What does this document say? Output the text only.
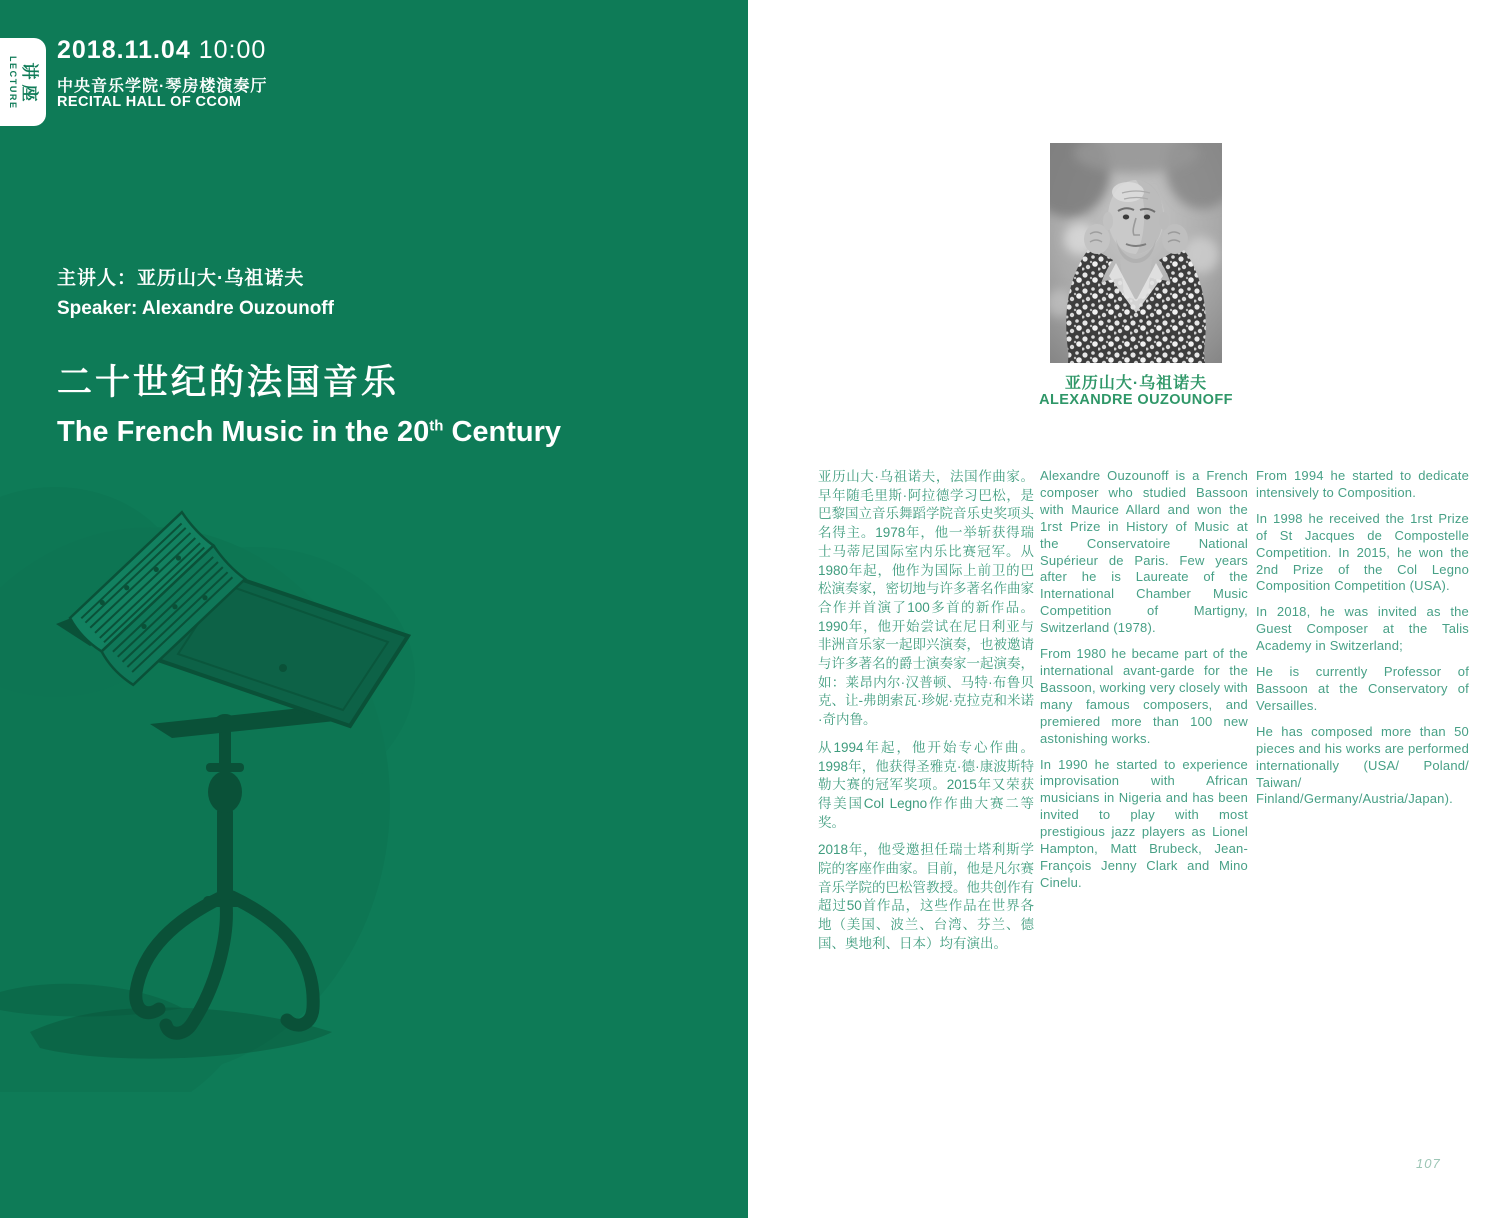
讲座
LECTURE
2018.11.04 10:00
中央音乐学院·琴房楼演奏厅
RECITAL HALL OF CCOM
主讲人：亚历山大·乌祖诺夫
Speaker: Alexandre Ouzounoff
二十世纪的法国音乐
The French Music in the 20th Century
亚历山大·乌祖诺夫
ALEXANDRE OUZOUNOFF

亚历山大·乌祖诺夫，法国作曲家。早年随毛里斯·阿拉德学习巴松，是巴黎国立音乐舞蹈学院音乐史奖项头名得主。1978年，他一举斩获得瑞士马蒂尼国际室内乐比赛冠军。从1980年起，他作为国际上前卫的巴松演奏家，密切地与许多著名作曲家合作并首演了100多首的新作品。1990年，他开始尝试在尼日利亚与非洲音乐家一起即兴演奏，也被邀请与许多著名的爵士演奏家一起演奏，如：莱昂内尔·汉普顿、马特·布鲁贝克、让-弗朗索瓦·珍妮·克拉克和米诺·奇内鲁。

从1994年起，他开始专心作曲。1998年，他获得圣雅克·德·康波斯特勒大赛的冠军奖项。2015年又荣获得美国Col Legno作作曲大赛二等奖。

2018年，他受邀担任瑞士塔利斯学院的客座作曲家。目前，他是凡尔赛音乐学院的巴松管教授。他共创作有超过50首作品，这些作品在世界各地（美国、波兰、台湾、芬兰、德国、奥地利、日本）均有演出。

Alexandre Ouzounoff is a French composer who studied Bassoon with Maurice Allard and won the 1rst Prize in History of Music at the Conservatoire National Supérieur de Paris. Few years after he is Laureate of the International Chamber Music Competition of Martigny, Switzerland (1978).

From 1980 he became part of the international avant-garde for the Bassoon, working very closely with many famous composers, and premiered more than 100 new astonishing works.

In 1990 he started to experience improvisation with African musicians in Nigeria and has been invited to play with most prestigious jazz players as Lionel Hampton, Matt Brubeck, Jean-François Jenny Clark and Mino Cinelu.

From 1994 he started to dedicate intensively to Composition.

In 1998 he received the 1rst Prize of St Jacques de Compostelle Competition. In 2015, he won the 2nd Prize of the Col Legno Composition Competition (USA).

In 2018, he was invited as the Guest Composer at the Talis Academy in Switzerland;

He is currently Professor of Bassoon at the Conservatory of Versailles.

He has composed more than 50 pieces and his works are performed internationally (USA/ Poland/ Taiwan/ Finland/Germany/Austria/Japan).

107
